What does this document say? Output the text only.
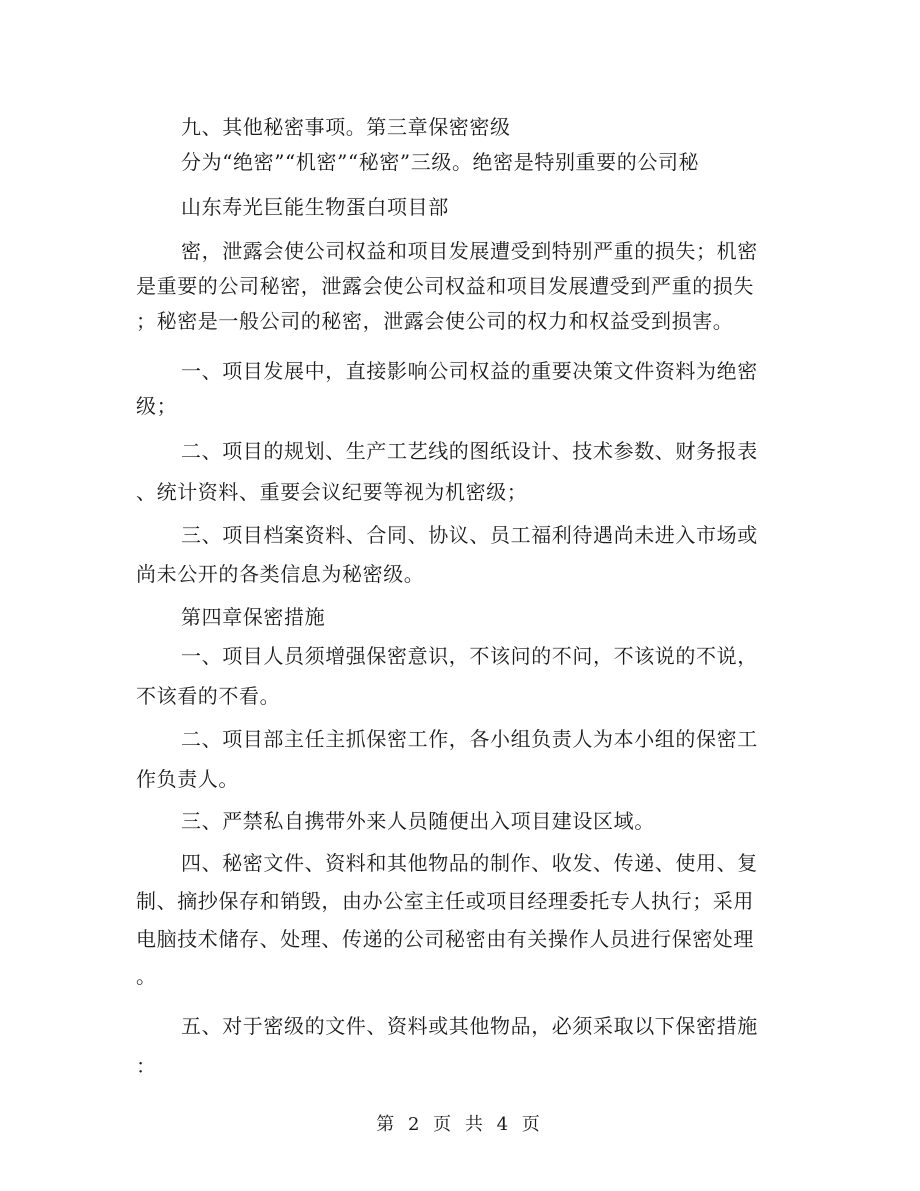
九、其他秘密事项。第三章保密密级
分为“绝密”“机密”“秘密”三级。绝密是特别重要的公司秘
山东寿光巨能生物蛋白项目部
密，泄露会使公司权益和项目发展遭受到特别严重的损失；机密
是重要的公司秘密，泄露会使公司权益和项目发展遭受到严重的损失
；秘密是一般公司的秘密，泄露会使公司的权力和权益受到损害。
一、项目发展中，直接影响公司权益的重要决策文件资料为绝密
级；
二、项目的规划、生产工艺线的图纸设计、技术参数、财务报表
、统计资料、重要会议纪要等视为机密级；
三、项目档案资料、合同、协议、员工福利待遇尚未进入市场或
尚未公开的各类信息为秘密级。
第四章保密措施
一、项目人员须增强保密意识，不该问的不问，不该说的不说，
不该看的不看。
二、项目部主任主抓保密工作，各小组负责人为本小组的保密工
作负责人。
三、严禁私自携带外来人员随便出入项目建设区域。
四、秘密文件、资料和其他物品的制作、收发、传递、使用、复
制、摘抄保存和销毁，由办公室主任或项目经理委托专人执行；采用
电脑技术储存、处理、传递的公司秘密由有关操作人员进行保密处理
。
五、对于密级的文件、资料或其他物品，必须采取以下保密措施
：
第 2 页 共 4 页
